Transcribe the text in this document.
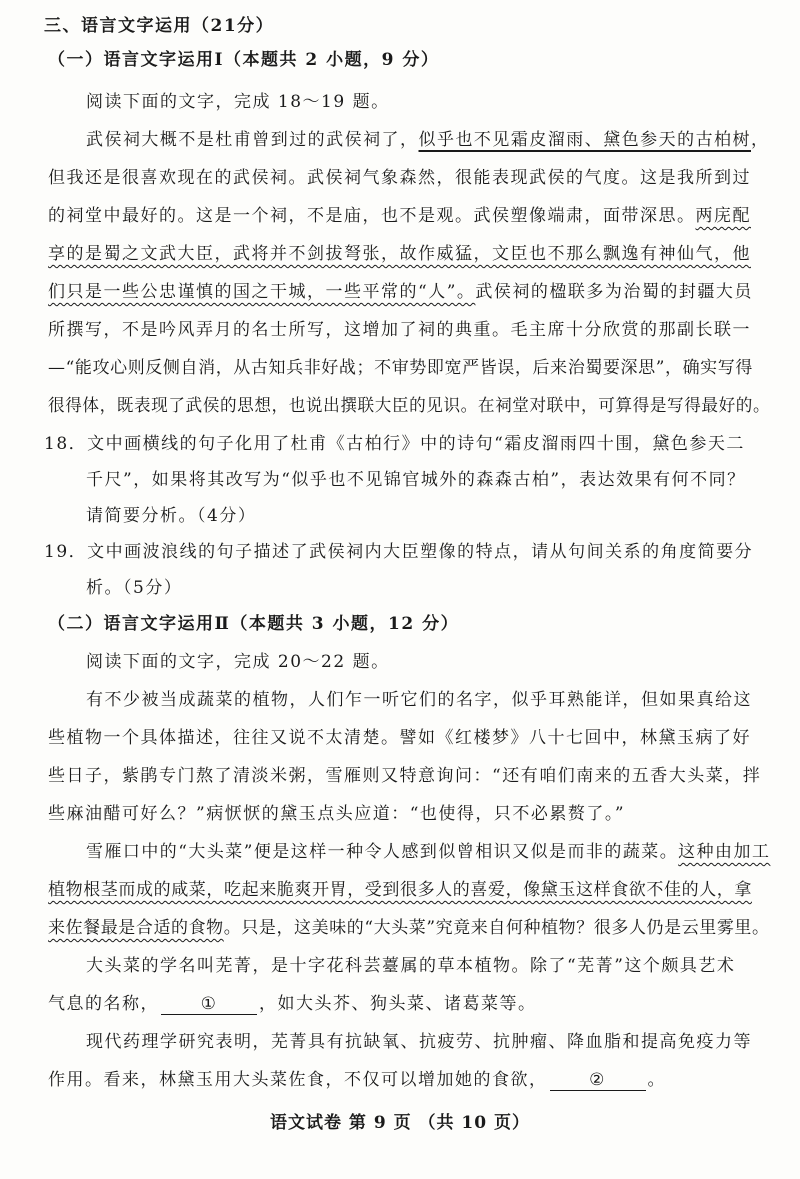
三、语言文字运用（21分）
（一）语言文字运用Ⅰ（本题共 2 小题，9 分）
阅读下面的文字，完成 18～19 题。
武侯祠大概不是杜甫曾到过的武侯祠了，似乎也不见霜皮溜雨、黛色参天的古柏树，
但我还是很喜欢现在的武侯祠。武侯祠气象森然，很能表现武侯的气度。这是我所到过
的祠堂中最好的。这是一个祠，不是庙，也不是观。武侯塑像端肃，面带深思。两庑配
享的是蜀之文武大臣，武将并不剑拔弩张，故作威猛，文臣也不那么飘逸有神仙气，他
们只是一些公忠谨慎的国之干城，一些平常的“人”。武侯祠的楹联多为治蜀的封疆大员
所撰写，不是吟风弄月的名士所写，这增加了祠的典重。毛主席十分欣赏的那副长联一
—“能攻心则反侧自消，从古知兵非好战；不审势即宽严皆误，后来治蜀要深思”，确实写得
很得体，既表现了武侯的思想，也说出撰联大臣的见识。在祠堂对联中，可算得是写得最好的。
18．文中画横线的句子化用了杜甫《古柏行》中的诗句“霜皮溜雨四十围，黛色参天二
千尺”，如果将其改写为“似乎也不见锦官城外的森森古柏”，表达效果有何不同？
请简要分析。（4分）
19．文中画波浪线的句子描述了武侯祠内大臣塑像的特点，请从句间关系的角度简要分
析。（5分）
（二）语言文字运用Ⅱ（本题共 3 小题，12 分）
阅读下面的文字，完成 20～22 题。
有不少被当成蔬菜的植物，人们乍一听它们的名字，似乎耳熟能详，但如果真给这
些植物一个具体描述，往往又说不太清楚。譬如《红楼梦》八十七回中，林黛玉病了好
些日子，紫鹃专门熬了清淡米粥，雪雁则又特意询问：“还有咱们南来的五香大头菜，拌
些麻油醋可好么？”病恹恹的黛玉点头应道：“也使得，只不必累赘了。”
雪雁口中的“大头菜”便是这样一种令人感到似曾相识又似是而非的蔬菜。这种由加工
植物根茎而成的咸菜，吃起来脆爽开胃，受到很多人的喜爱，像黛玉这样食欲不佳的人，拿
来佐餐最是合适的食物。只是，这美味的“大头菜”究竟来自何种植物？很多人仍是云里雾里。
大头菜的学名叫芜菁，是十字花科芸薹属的草本植物。除了“芜菁”这个颇具艺术
气息的名称， ① ，如大头芥、狗头菜、诸葛菜等。
现代药理学研究表明，芜菁具有抗缺氧、抗疲劳、抗肿瘤、降血脂和提高免疫力等
作用。看来，林黛玉用大头菜佐食，不仅可以增加她的食欲， ② 。
语文试卷 第 9 页 （共 10 页）
